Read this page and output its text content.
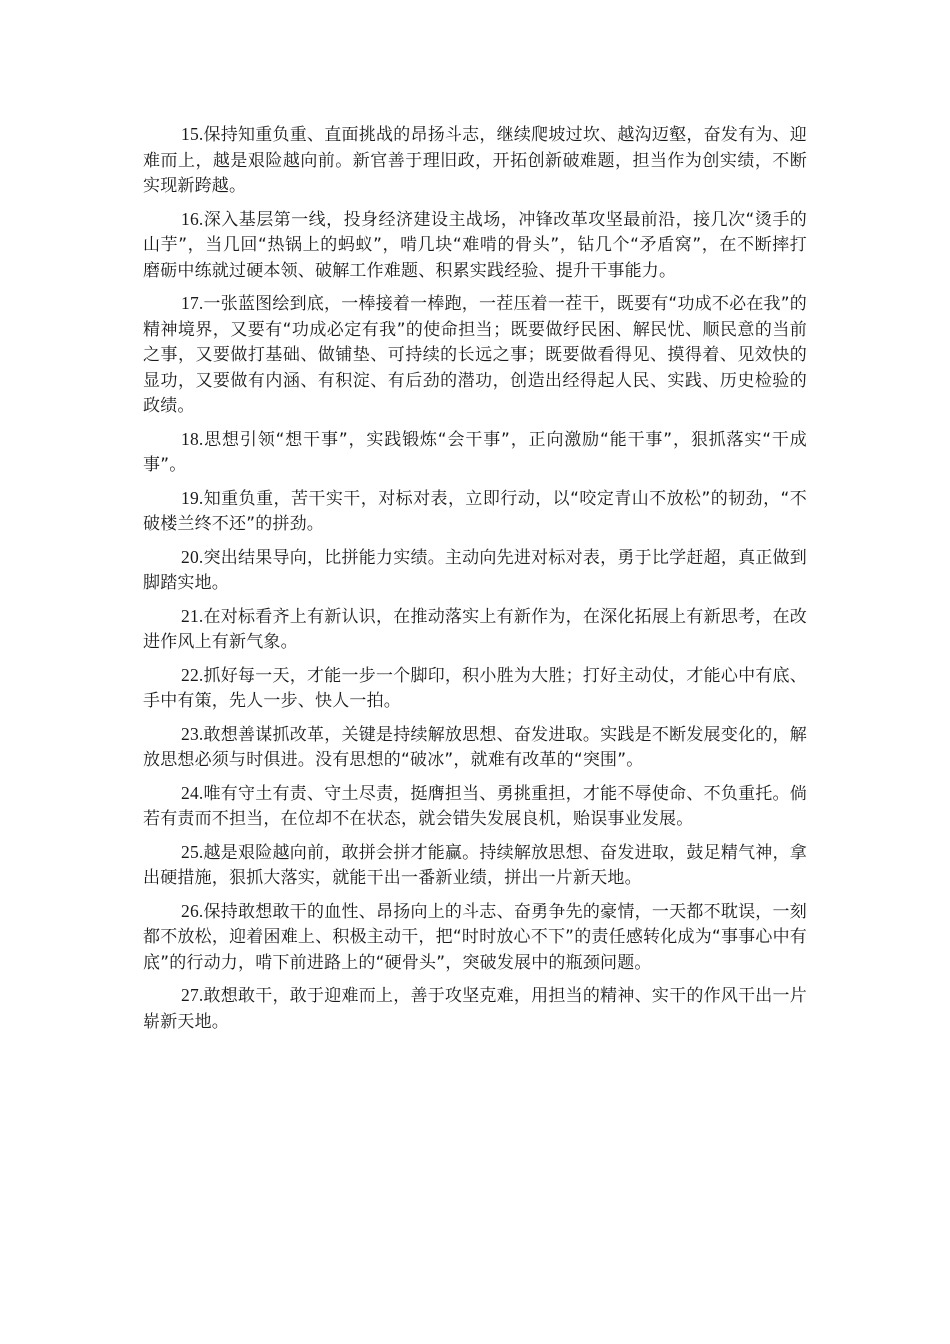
15.保持知重负重、直面挑战的昂扬斗志，继续爬坡过坎、越沟迈壑，奋发有为、迎难而上，越是艰险越向前。新官善于理旧政，开拓创新破难题，担当作为创实绩，不断实现新跨越。

16.深入基层第一线，投身经济建设主战场，冲锋改革攻坚最前沿，接几次“烫手的山芋”，当几回“热锅上的蚂蚁”，啃几块“难啃的骨头”，钻几个“矛盾窝”，在不断摔打磨砺中练就过硬本领、破解工作难题、积累实践经验、提升干事能力。

17.一张蓝图绘到底，一棒接着一棒跑，一茬压着一茬干，既要有“功成不必在我”的精神境界，又要有“功成必定有我”的使命担当；既要做纾民困、解民忧、顺民意的当前之事，又要做打基础、做铺垫、可持续的长远之事；既要做看得见、摸得着、见效快的显功，又要做有内涵、有积淀、有后劲的潜功，创造出经得起人民、实践、历史检验的政绩。

18.思想引领“想干事”，实践锻炼“会干事”，正向激励“能干事”，狠抓落实“干成事”。

19.知重负重，苦干实干，对标对表，立即行动，以“咬定青山不放松”的韧劲，“不破楼兰终不还”的拼劲。

20.突出结果导向，比拼能力实绩。主动向先进对标对表，勇于比学赶超，真正做到脚踏实地。

21.在对标看齐上有新认识，在推动落实上有新作为，在深化拓展上有新思考，在改进作风上有新气象。

22.抓好每一天，才能一步一个脚印，积小胜为大胜；打好主动仗，才能心中有底、手中有策，先人一步、快人一拍。

23.敢想善谋抓改革，关键是持续解放思想、奋发进取。实践是不断发展变化的，解放思想必须与时俱进。没有思想的“破冰”，就难有改革的“突围”。

24.唯有守土有责、守土尽责，挺膺担当、勇挑重担，才能不辱使命、不负重托。倘若有责而不担当，在位却不在状态，就会错失发展良机，贻误事业发展。

25.越是艰险越向前，敢拼会拼才能赢。持续解放思想、奋发进取，鼓足精气神，拿出硬措施，狠抓大落实，就能干出一番新业绩，拼出一片新天地。

26.保持敢想敢干的血性、昂扬向上的斗志、奋勇争先的豪情，一天都不耽误，一刻都不放松，迎着困难上、积极主动干，把“时时放心不下”的责任感转化成为“事事心中有底”的行动力，啃下前进路上的“硬骨头”，突破发展中的瓶颈问题。

27.敢想敢干，敢于迎难而上，善于攻坚克难，用担当的精神、实干的作风干出一片崭新天地。
